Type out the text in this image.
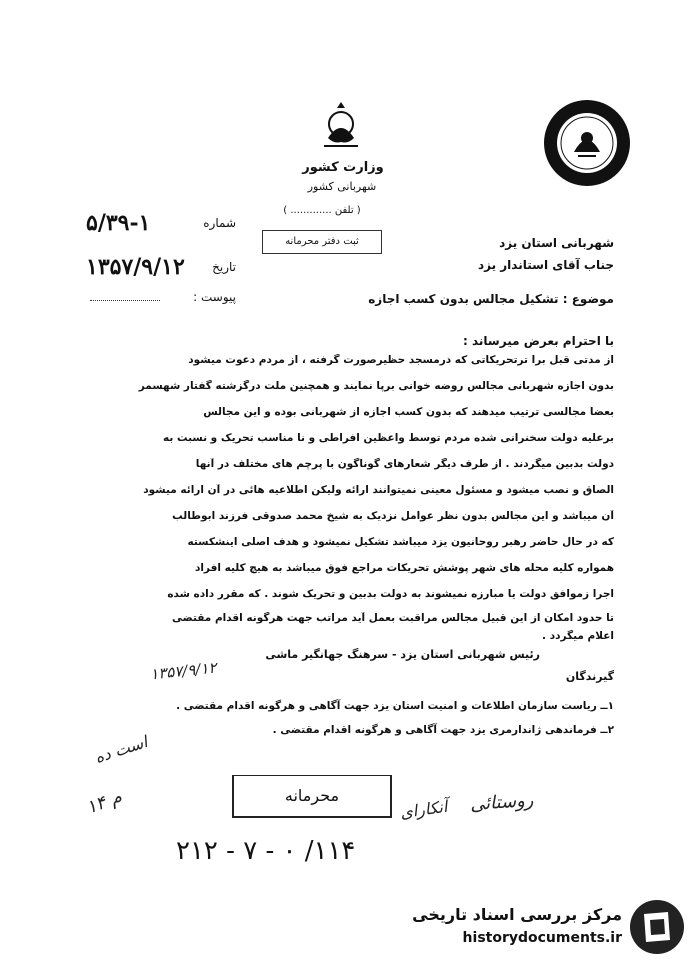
وزارت کشور
شهربانی کشور
( تلفن ............. )
شماره
۵/۳۹-۱
تاریخ
۱۳۵۷/۹/۱۲
پیوست :
ثبت دفتر محرمانه	شهربانی استان یزد
جناب آقای استاندار یزد
موضوع : تشکیل مجالس بدون کسب اجازه
با احترام بعرض میرساند :
از مدتی قبل برا ترتحریکاتی که درمسجد حظیرصورت گرفته ، از مردم دعوت میشود
بدون اجازه شهربانی مجالس روضه خوانی برپا نمایند و همچنین ملت درگزشته گفتار شهسمر
بعضاً مجالسی ترتیب میدهند که بدون کسب اجازه از شهربانی بوده و این مجالس
برعلیه دولت سخنرانی شده مردم توسط واعظین افراطی و نا مناسب تحریک و نسبت به
دولت بدبین میگردند . از طرف دیگر شعارهای گوناگون با پرچم های مختلف در آنها
الصاق و نصب میشود و مسئول معینی نمیتوانند ارائه ولیکن اطلاعیه هائی در آن ارائه میشود
آن میباشد و این مجالس بدون نظر عوامل نزدیک به شیخ محمد صدوقی فرزند ابوطالب
که در حال حاضر رهبر روحانیون یزد میباشد تشکیل نمیشود و هدف اصلی اینشکسته
همواره کلیه محله های شهر پوشش تحریکات مراجع فوق میباشد به هیچ کلیه افراد
اجرا زموافق دولت یا مبارزه نمیشوند به دولت بدبین و تحریک شوند . که مقرر داده شده
تا حدود امکان از این قبیل مجالس مراقبت بعمل آید مراتب جهت هرگونه اقدام مقتضی
اعلام میگردد .
رئیس شهربانی استان یزد - سرهنگ جهانگیر ماشی
۱۳۵۷/۹/۱۲	گیرندگان
۱ــ ریاست سازمان اطلاعات و امنیت استان یزد جهت آگاهی و هرگونه اقدام مقتضی .
۲ــ فرماندهی ژاندارمری یزد جهت آگاهی و هرگونه اقدام مقتضی .
است ده
۱۴ م	محرمانه
آنکارای روستائی
۲۱۲ - ۷ - ۰ /۱۱۴
مرکز بررسی اسناد تاریخی
historydocuments.ir
